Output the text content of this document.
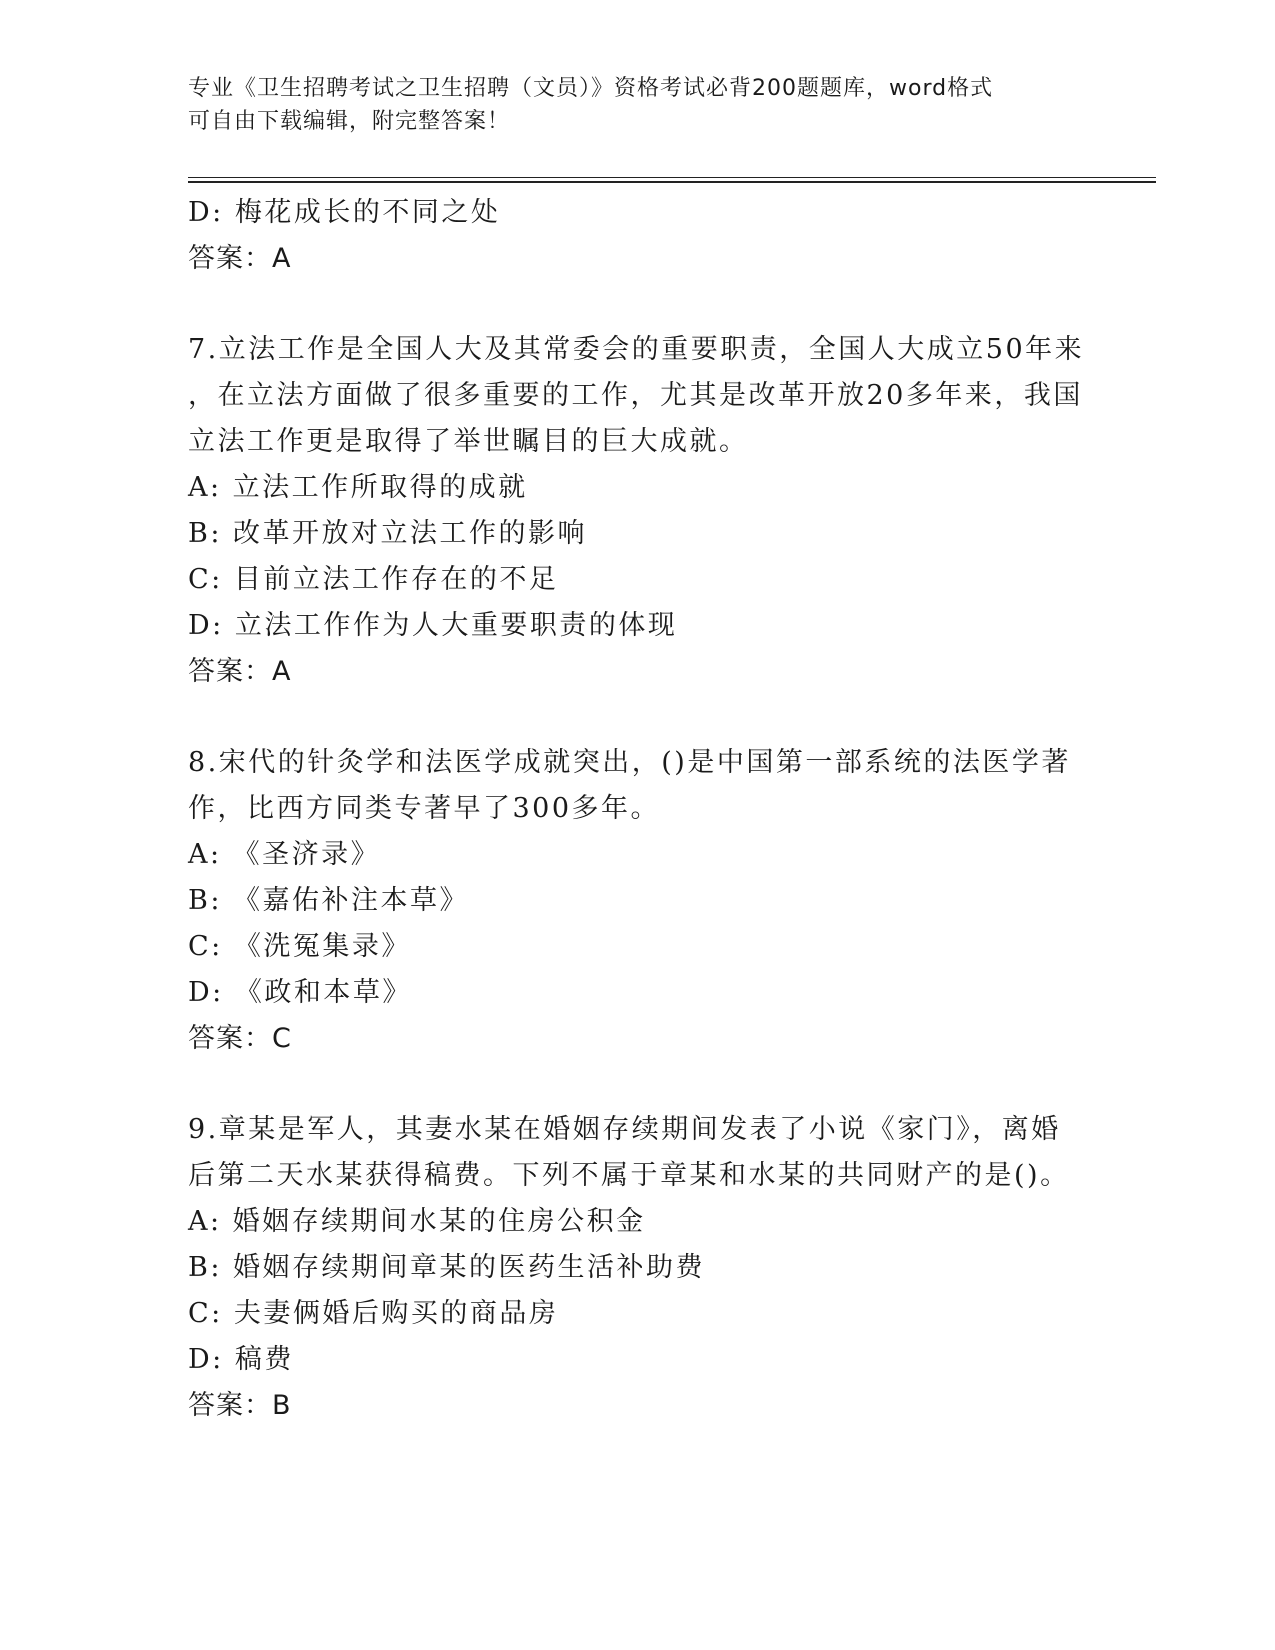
专业《卫生招聘考试之卫生招聘（文员）》资格考试必背200题题库，word格式
可自由下载编辑，附完整答案！
D: 梅花成长的不同之处
答案：A
7.立法工作是全国人大及其常委会的重要职责，全国人大成立50年来
，在立法方面做了很多重要的工作，尤其是改革开放20多年来，我国
立法工作更是取得了举世瞩目的巨大成就。
A: 立法工作所取得的成就
B: 改革开放对立法工作的影响
C: 目前立法工作存在的不足
D: 立法工作作为人大重要职责的体现
答案：A
8.宋代的针灸学和法医学成就突出，()是中国第一部系统的法医学著
作，比西方同类专著早了300多年。
A: 《圣济录》
B: 《嘉佑补注本草》
C: 《洗冤集录》
D: 《政和本草》
答案：C
9.章某是军人，其妻水某在婚姻存续期间发表了小说《家门》，离婚
后第二天水某获得稿费。下列不属于章某和水某的共同财产的是()。
A: 婚姻存续期间水某的住房公积金
B: 婚姻存续期间章某的医药生活补助费
C: 夫妻俩婚后购买的商品房
D: 稿费
答案：B
